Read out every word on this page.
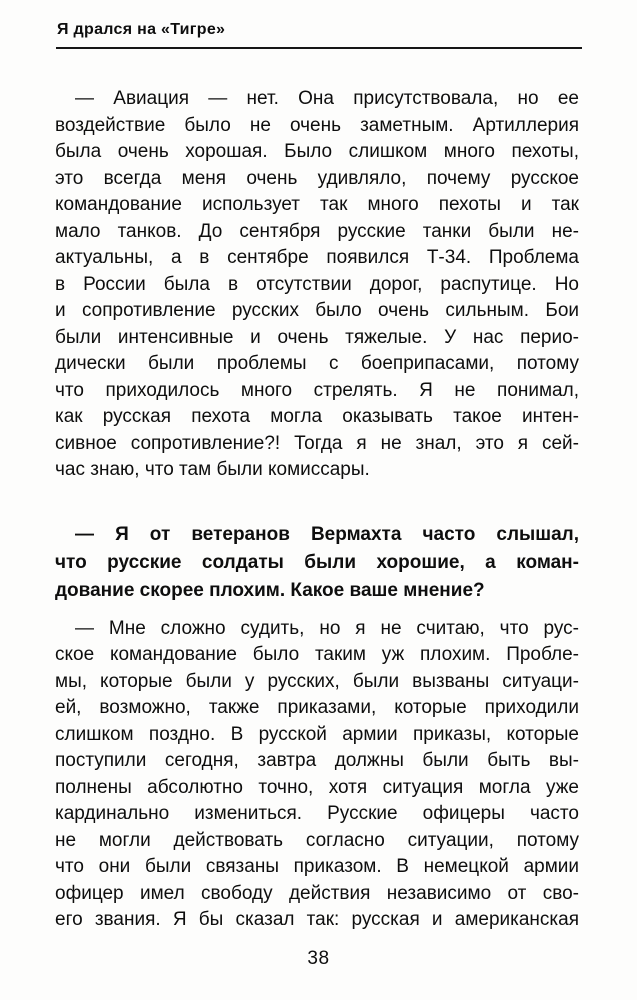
Я дрался на «Тигре»
— Авиация — нет. Она присутствовала, но ее
воздействие было не очень заметным. Артиллерия
была очень хорошая. Было слишком много пехоты,
это всегда меня очень удивляло, почему русское
командование использует так много пехоты и так
мало танков. До сентября русские танки были не-
актуальны, а в сентябре появился Т-34. Проблема
в России была в отсутствии дорог, распутице. Но
и сопротивление русских было очень сильным. Бои
были интенсивные и очень тяжелые. У нас перио-
дически были проблемы с боеприпасами, потому
что приходилось много стрелять. Я не понимал,
как русская пехота могла оказывать такое интен-
сивное сопротивление?! Тогда я не знал, это я сей-
час знаю, что там были комиссары.
— Я от ветеранов Вермахта часто слышал,
что русские солдаты были хорошие, а коман-
дование скорее плохим. Какое ваше мнение?
— Мне сложно судить, но я не считаю, что рус-
ское командование было таким уж плохим. Пробле-
мы, которые были у русских, были вызваны ситуаци-
ей, возможно, также приказами, которые приходили
слишком поздно. В русской армии приказы, которые
поступили сегодня, завтра должны были быть вы-
полнены абсолютно точно, хотя ситуация могла уже
кардинально измениться. Русские офицеры часто
не могли действовать согласно ситуации, потому
что они были связаны приказом. В немецкой армии
офицер имел свободу действия независимо от сво-
его звания. Я бы сказал так: русская и американская
38
